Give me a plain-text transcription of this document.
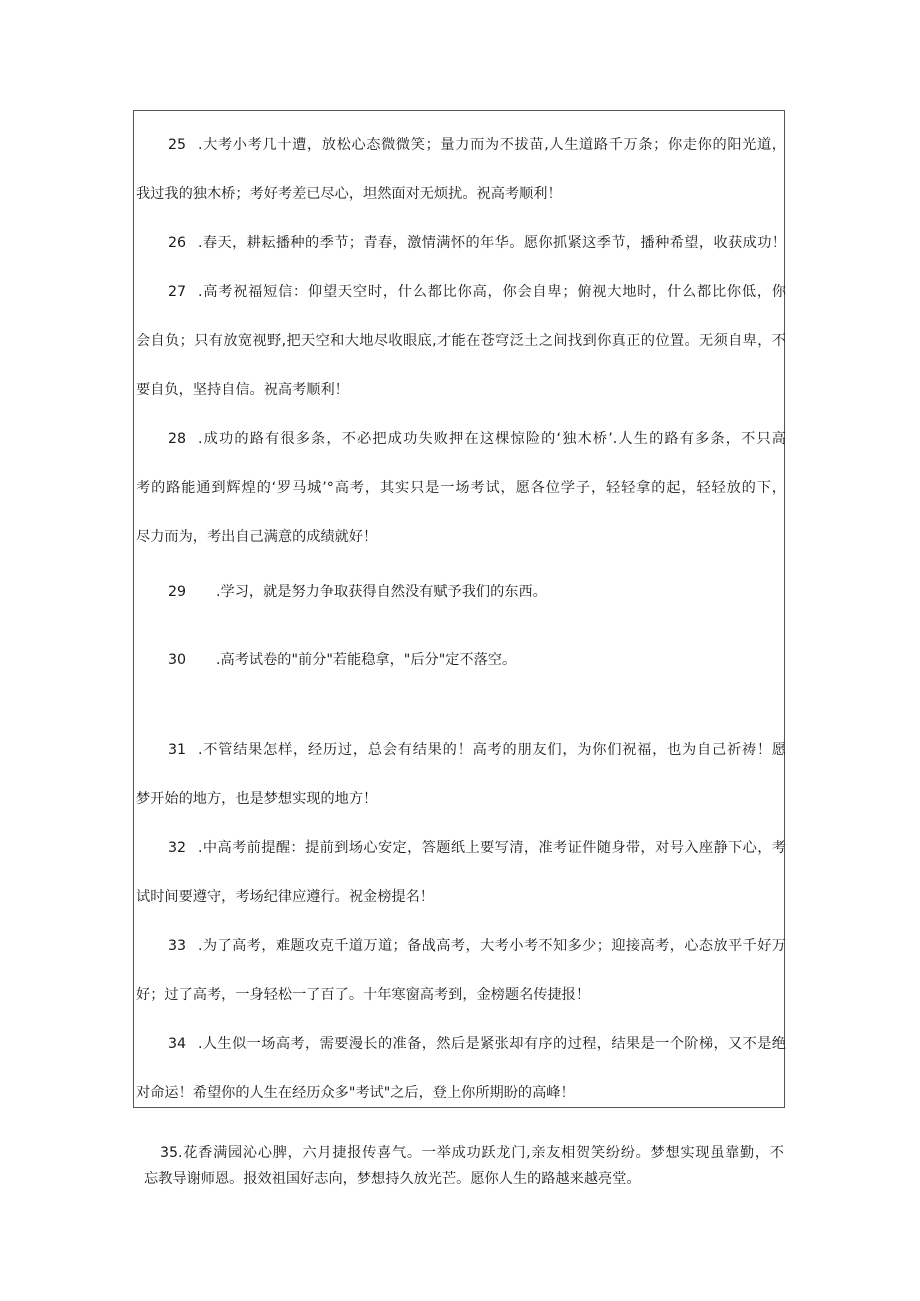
25 .大考小考几十遭，放松心态微微笑；量力而为不拔苗,人生道路千万条；你走你的阳光道，
我过我的独木桥；考好考差已尽心，坦然面对无烦扰。祝高考顺利！
26 .春天，耕耘播种的季节；青春，激情满怀的年华。愿你抓紧这季节，播种希望，收获成功！
27 .高考祝福短信：仰望天空时，什么都比你高，你会自卑；俯视大地时，什么都比你低，你
会自负；只有放宽视野,把天空和大地尽收眼底,才能在苍穹泛土之间找到你真正的位置。无须自卑，不
要自负，坚持自信。祝高考顺利！
28 .成功的路有很多条，不必把成功失败押在这棵惊险的‘独木桥’.人生的路有多条，不只高
考的路能通到辉煌的‘罗马城’°高考，其实只是一场考试，愿各位学子，轻轻拿的起，轻轻放的下，
尽力而为，考出自己满意的成绩就好！
29 .学习，就是努力争取获得自然没有赋予我们的东西。
30 .高考试卷的"前分"若能稳拿，"后分"定不落空。
31 .不管结果怎样，经历过，总会有结果的！高考的朋友们，为你们祝福，也为自己祈祷！愿
梦开始的地方，也是梦想实现的地方！
32 .中高考前提醒：提前到场心安定，答题纸上要写清，准考证件随身带，对号入座静下心，考
试时间要遵守，考场纪律应遵行。祝金榜提名！
33 .为了高考，难题攻克千道万道；备战高考，大考小考不知多少；迎接高考，心态放平千好万
好；过了高考，一身轻松一了百了。十年寒窗高考到，金榜题名传捷报！
34 .人生似一场高考，需要漫长的准备，然后是紧张却有序的过程，结果是一个阶梯，又不是绝
对命运！希望你的人生在经历众多"考试"之后，登上你所期盼的高峰！
35.花香满园沁心脾，六月捷报传喜气。一举成功跃龙门,亲友相贺笑纷纷。梦想实现虽靠勤，不
忘教导谢师恩。报效祖国好志向，梦想持久放光芒。愿你人生的路越来越亮堂。
